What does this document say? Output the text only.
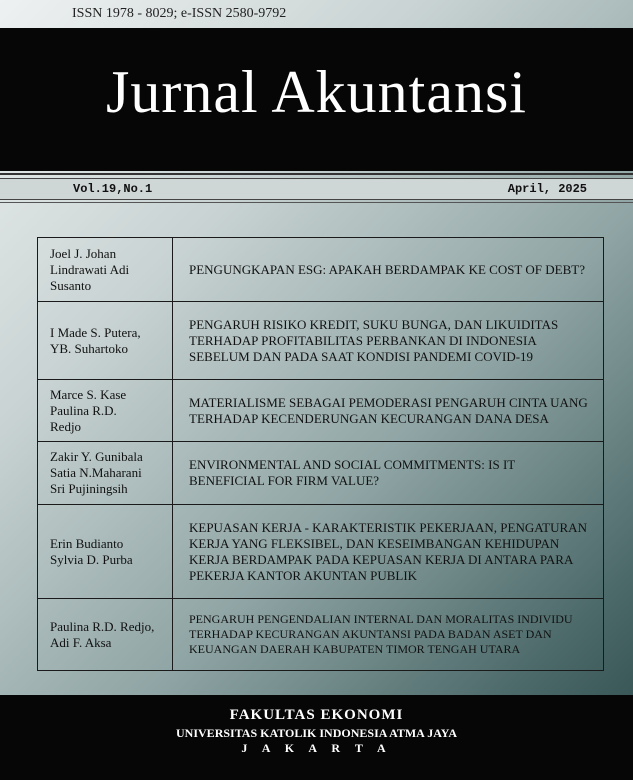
ISSN 1978 - 8029; e-ISSN 2580-9792
Jurnal Akuntansi
Vol.19,No.1	April, 2025
Joel J. Johan
Lindrawati Adi
Susanto	PENGUNGKAPAN ESG: APAKAH BERDAMPAK KE COST OF DEBT?

I Made S. Putera,
YB. Suhartoko	PENGARUH RISIKO KREDIT, SUKU BUNGA, DAN LIKUIDITAS TERHADAP PROFITABILITAS PERBANKAN DI INDONESIA SEBELUM DAN PADA SAAT KONDISI PANDEMI COVID-19

Marce S. Kase
Paulina R.D.
Redjo	MATERIALISME SEBAGAI PEMODERASI PENGARUH CINTA UANG TERHADAP KECENDERUNGAN KECURANGAN DANA DESA

Zakir Y. Gunibala
Satia N.Maharani
Sri Pujiningsih	ENVIRONMENTAL AND SOCIAL COMMITMENTS: IS IT BENEFICIAL FOR FIRM VALUE?

Erin Budianto
Sylvia D. Purba	KEPUASAN KERJA - KARAKTERISTIK PEKERJAAN, PENGATURAN KERJA YANG FLEKSIBEL, DAN KESEIMBANGAN KEHIDUPAN KERJA BERDAMPAK PADA KEPUASAN KERJA DI ANTARA PARA PEKERJA KANTOR AKUNTAN PUBLIK

Paulina R.D. Redjo,
Adi F. Aksa	PENGARUH PENGENDALIAN INTERNAL DAN MORALITAS INDIVIDU TERHADAP KECURANGAN AKUNTANSI PADA BADAN ASET DAN KEUANGAN DAERAH KABUPATEN TIMOR TENGAH UTARA
FAKULTAS EKONOMI
UNIVERSITAS KATOLIK INDONESIA ATMA JAYA
J A K A R T A
